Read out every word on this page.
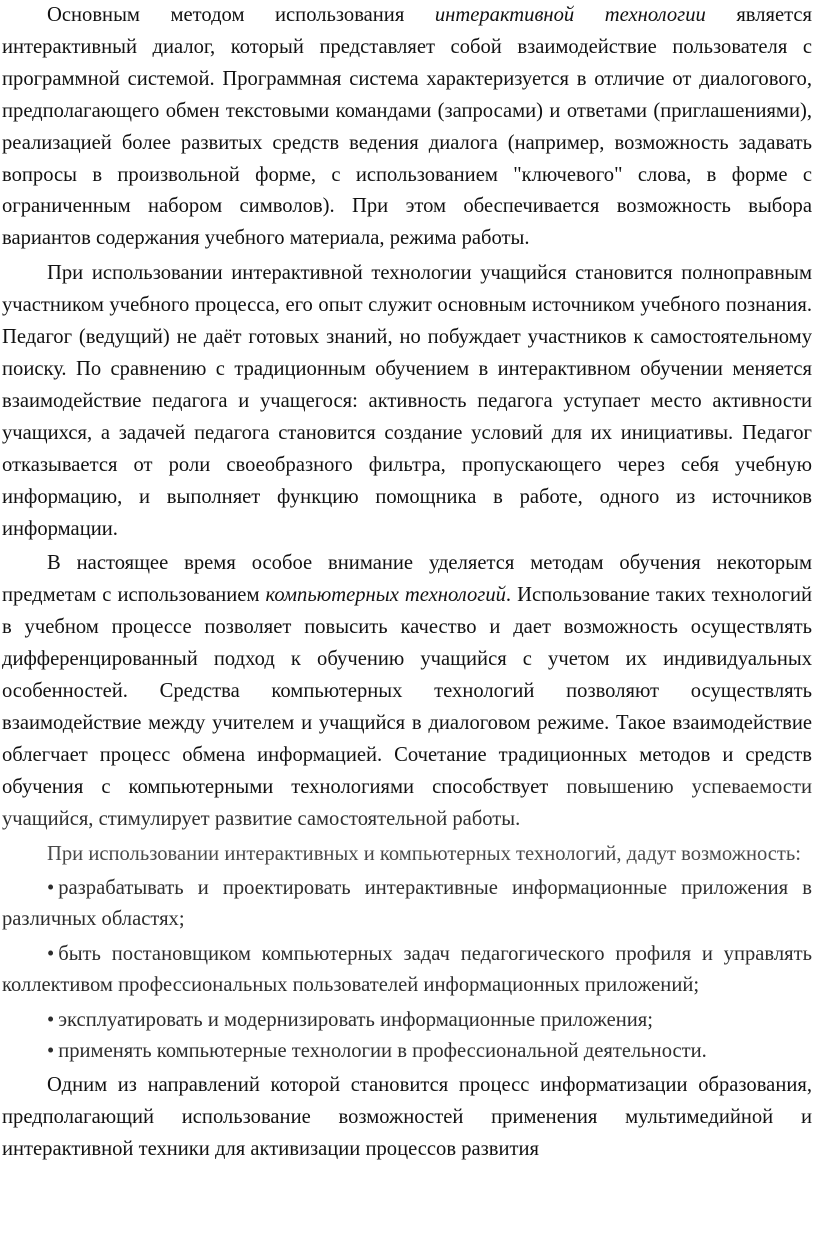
Основным методом использования интерактивной технологии является интерактивный диалог, который представляет собой взаимодействие пользователя с программной системой. Программная система характеризуется в отличие от диалогового, предполагающего обмен текстовыми командами (запросами) и ответами (приглашениями), реализацией более развитых средств ведения диалога (например, возможность задавать вопросы в произвольной форме, с использованием "ключевого" слова, в форме с ограниченным набором символов). При этом обеспечивается возможность выбора вариантов содержания учебного материала, режима работы.

При использовании интерактивной технологии учащийся становится полноправным участником учебного процесса, его опыт служит основным источником учебного познания. Педагог (ведущий) не даёт готовых знаний, но побуждает участников к самостоятельному поиску. По сравнению с традиционным обучением в интерактивном обучении меняется взаимодействие педагога и учащегося: активность педагога уступает место активности учащихся, а задачей педагога становится создание условий для их инициативы. Педагог отказывается от роли своеобразного фильтра, пропускающего через себя учебную информацию, и выполняет функцию помощника в работе, одного из источников информации.

В настоящее время особое внимание уделяется методам обучения некоторым предметам с использованием компьютерных технологий. Использование таких технологий в учебном процессе позволяет повысить качество и дает возможность осуществлять дифференцированный подход к обучению учащийся с учетом их индивидуальных особенностей. Средства компьютерных технологий позволяют осуществлять взаимодействие между учителем и учащийся в диалоговом режиме. Такое взаимодействие облегчает процесс обмена информацией. Сочетание традиционных методов и средств обучения с компьютерными технологиями способствует повышению успеваемости учащийся, стимулирует развитие самостоятельной работы.

При использовании интерактивных и компьютерных технологий, дадут возможность:

• разрабатывать и проектировать интерактивные информационные приложения в различных областях;

• быть постановщиком компьютерных задач педагогического профиля и управлять коллективом профессиональных пользователей информационных приложений;

• эксплуатировать и модернизировать информационные приложения;

• применять компьютерные технологии в профессиональной деятельности.

Одним из направлений которой становится процесс информатизации образования, предполагающий использование возможностей применения мультимедийной и интерактивной техники для активизации процессов развития
